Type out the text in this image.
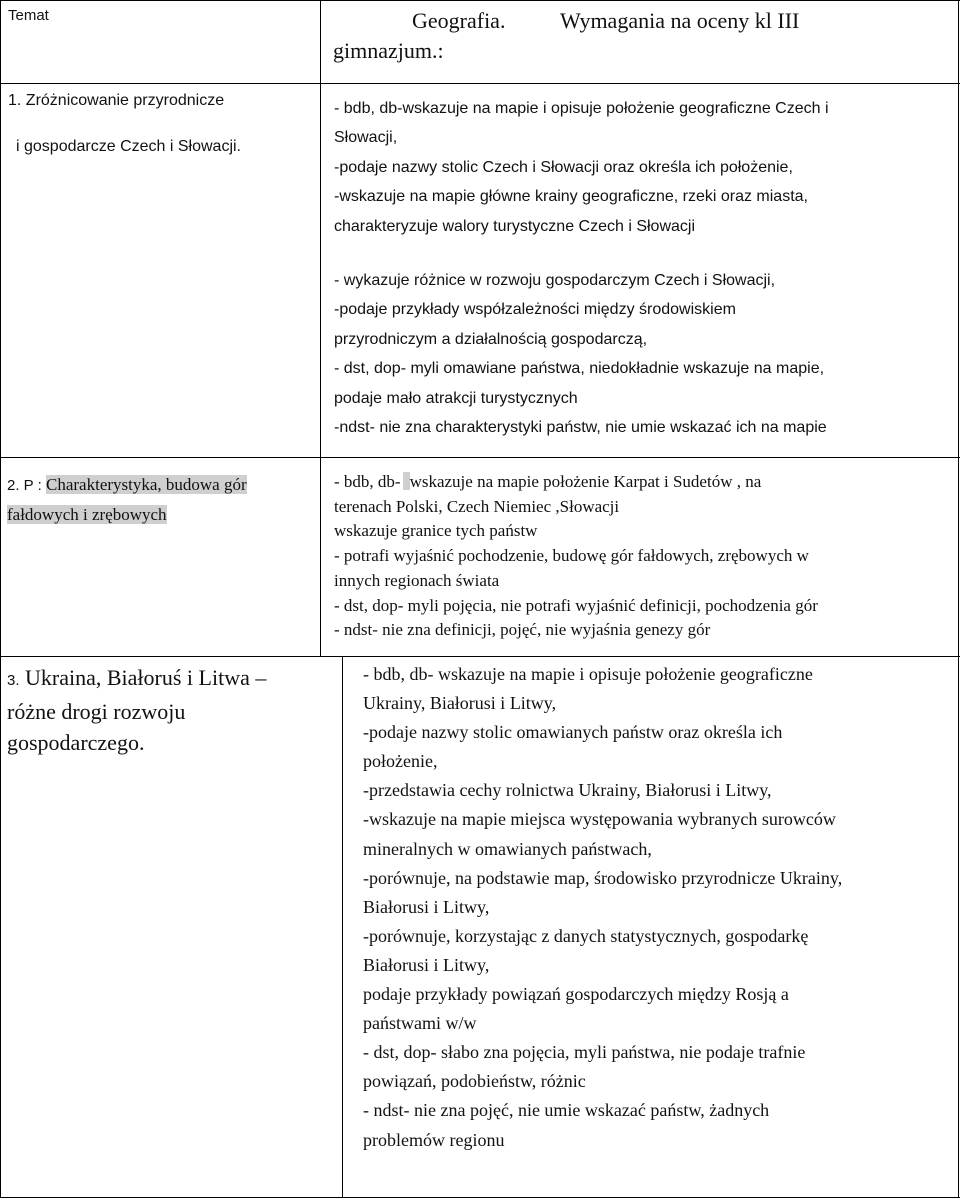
Temat	Geografia. Wymagania na oceny kl III
gimnazjum.:
1. Zróżnicowanie przyrodnicze
i gospodarcze Czech i Słowacji.
- bdb, db-wskazuje na mapie i opisuje położenie geograficzne Czech i
Słowacji,
-podaje nazwy stolic Czech i Słowacji oraz określa ich położenie,
-wskazuje na mapie główne krainy geograficzne, rzeki oraz miasta,
charakteryzuje walory turystyczne Czech i Słowacji
- wykazuje różnice w rozwoju gospodarczym Czech i Słowacji,
-podaje przykłady współzależności między środowiskiem
przyrodniczym a działalnością gospodarczą,
- dst, dop- myli omawiane państwa, niedokładnie wskazuje na mapie,
podaje mało atrakcji turystycznych
-ndst- nie zna charakterystyki państw, nie umie wskazać ich na mapie
2. P : Charakterystyka, budowa gór
fałdowych i zrębowych
- bdb, db- wskazuje na mapie położenie Karpat i Sudetów , na
terenach Polski, Czech Niemiec ,Słowacji
wskazuje granice tych państw
- potrafi wyjaśnić pochodzenie, budowę gór fałdowych, zrębowych w
innych regionach świata
- dst, dop- myli pojęcia, nie potrafi wyjaśnić definicji, pochodzenia gór
- ndst- nie zna definicji, pojęć, nie wyjaśnia genezy gór
3. Ukraina, Białoruś i Litwa –
różne drogi rozwoju
gospodarczego.
- bdb, db- wskazuje na mapie i opisuje położenie geograficzne
Ukrainy, Białorusi i Litwy,
-podaje nazwy stolic omawianych państw oraz określa ich
położenie,
-przedstawia cechy rolnictwa Ukrainy, Białorusi i Litwy,
-wskazuje na mapie miejsca występowania wybranych surowców
mineralnych w omawianych państwach,
-porównuje, na podstawie map, środowisko przyrodnicze Ukrainy,
Białorusi i Litwy,
-porównuje, korzystając z danych statystycznych, gospodarkę
Białorusi i Litwy,
podaje przykłady powiązań gospodarczych między Rosją a
państwami w/w
- dst, dop- słabo zna pojęcia, myli państwa, nie podaje trafnie
powiązań, podobieństw, różnic
- ndst- nie zna pojęć, nie umie wskazać państw, żadnych
problemów regionu
